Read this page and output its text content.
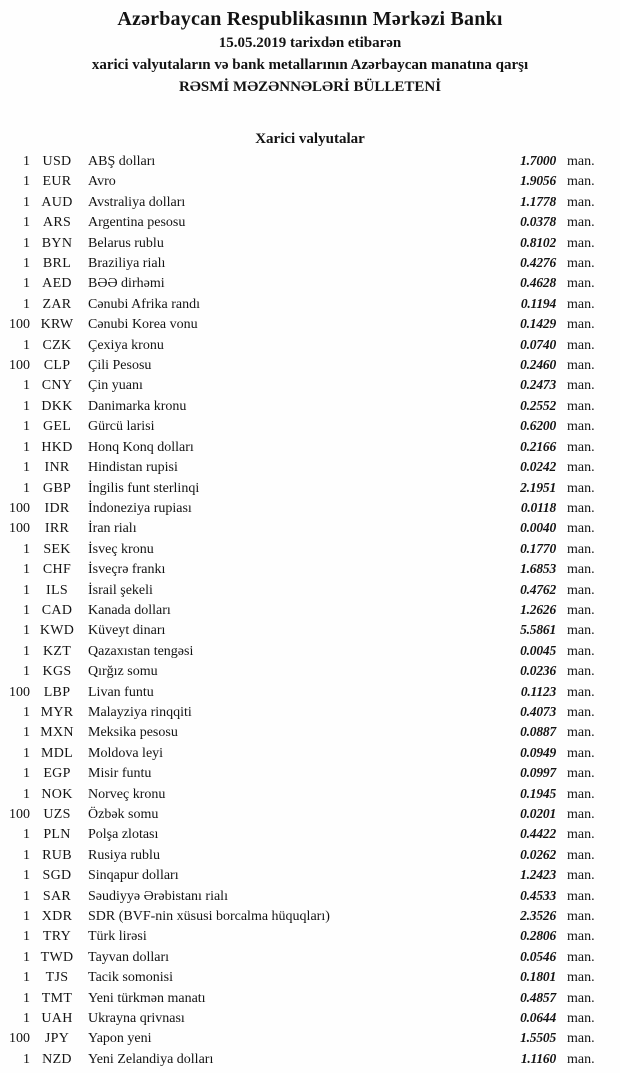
Azərbaycan Respublikasının Mərkəzi Bankı
15.05.2019 tarixdən etibarən
xarici valyutaların və bank metallarının Azərbaycan manatına qarşı
RƏSMİ MƏZƏNNƏLƏRİ BÜLLETENİ
Xarici valyutalar
1 USD	ABŞ dolları	1.7000 man.
1 EUR	Avro	1.9056 man.
1 AUD	Avstraliya dolları	1.1778 man.
1 ARS	Argentina pesosu	0.0378 man.
1 BYN	Belarus rublu	0.8102 man.
1 BRL	Braziliya rialı	0.4276 man.
1 AED	BƏƏ dirhəmi	0.4628 man.
1 ZAR	Cənubi Afrika randı	0.1194 man.
100 KRW	Cənubi Korea vonu	0.1429 man.
1 CZK	Çexiya kronu	0.0740 man.
100 CLP	Çili Pesosu	0.2460 man.
1 CNY	Çin yuanı	0.2473 man.
1 DKK	Danimarka kronu	0.2552 man.
1 GEL	Gürcü larisi	0.6200 man.
1 HKD	Honq Konq dolları	0.2166 man.
1	INR	Hindistan rupisi	0.0242 man.
1 GBP	İngilis funt sterlinqi	2.1951 man.
100	IDR	İndoneziya rupiası	0.0118 man.
100	IRR	İran rialı	0.0040 man.
1 SEK	İsveç kronu	0.1770 man.
1 CHF	İsveçrə frankı	1.6853 man.
1	ILS	İsrail şekeli	0.4762 man.
1 CAD	Kanada dolları	1.2626 man.
1 KWD Küveyt dinarı	5.5861 man.
1 KZT	Qazaxıstan tengəsi	0.0045 man.
1 KGS	Qırğız somu	0.0236 man.
100 LBP	Livan funtu	0.1123 man.
1 MYR	Malayziya rinqqiti	0.4073 man.
1 MXN	Meksika pesosu	0.0887 man.
1 MDL	Moldova leyi	0.0949 man.
1 EGP	Misir funtu	0.0997 man.
1 NOK	Norveç kronu	0.1945 man.
100 UZS	Özbək somu	0.0201 man.
1 PLN	Polşa zlotası	0.4422 man.
1 RUB	Rusiya rublu	0.0262 man.
1 SGD	Sinqapur dolları	1.2423 man.
1 SAR	Səudiyyə Ərəbistanı rialı	0.4533 man.
1 XDR	SDR (BVF-nin xüsusi borcalma hüquqları)	2.3526 man.
1 TRY	Türk lirəsi	0.2806 man.
1 TWD	Tayvan dolları	0.0546 man.
1	TJS	Tacik somonisi	0.1801 man.
1 TMT	Yeni türkmən manatı	0.4857 man.
1 UAH	Ukrayna qrivnası	0.0644 man.
100	JPY	Yapon yeni	1.5505 man.
1 NZD	Yeni Zelandiya dolları	1.1160 man.
